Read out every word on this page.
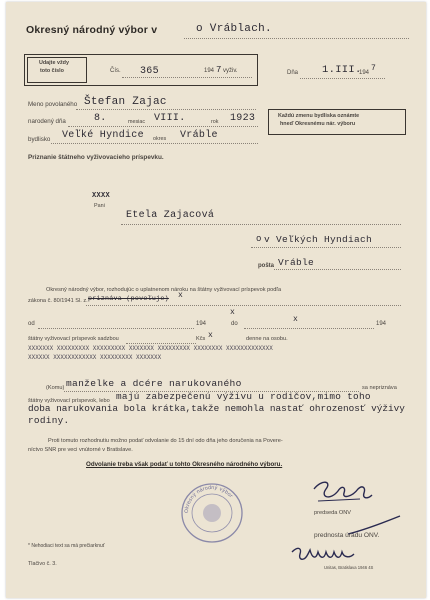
Okresný národný výbor v	o Vráblach.
Udajte vždy
toto číslo	Čís. 365	194 7 vyživ.	Dňa 1.III.
194 7
Meno povolaného Štefan Zajac
narodený dňa	8.	mesiac VIII.	rok 1923
bydlisko Veľké Hyndice okres Vráble
Priznanie štátneho vyživovacieho príspevku.
Každú zmenu bydliska oznámte
hneď Okresnému nár. výboru
XXXX
Pani
Etela Zajacová
o v Veľkých Hyndiach
pošta Vráble
Okresný národný výbor, rozhodujúc o uplatnenom nároku na štátny vyživovací príspevok podľa
zákona č. 80/1941 Sl. z. priznáva (povoľuje) x
x
od	194	do	x	194
štátny vyživovací príspevok sadzbou	Kčs x	denne na osobu.
XXXXXXX XXXXXXXXX XXXXXXXXX XXXXXXX XXXXXXXXX XXXXXXXX XXXXXXXXXXXXX
XXXXXX XXXXXXXXXXXX XXXXXXXXX XXXXXXX
(Komu) manželke a dcére narukovaného	sa nepriznáva
štátny vyživovací príspevok, lebo majú zabezpečenú výživu u rodičov,mimo toho
doba narukovania bola krátka,takže nemohla nastať ohrozenosť výživy
rodiny.
Proti tomuto rozhodnutiu možno podať odvolanie do 15 dní odo dňa jeho doručenia na Povere-
níctvo SNR pre veci vnútorné v Bratislave.
Odvolanie treba však podať u tohto Okresného národného výboru.
Okresný národný výbor
predseda ONV
prednosta úradu ONV.
* Nehodiaci text sa má prečiarknuť
Tlačivo č. 3.
Unitas, Bratislava 1946 4S
